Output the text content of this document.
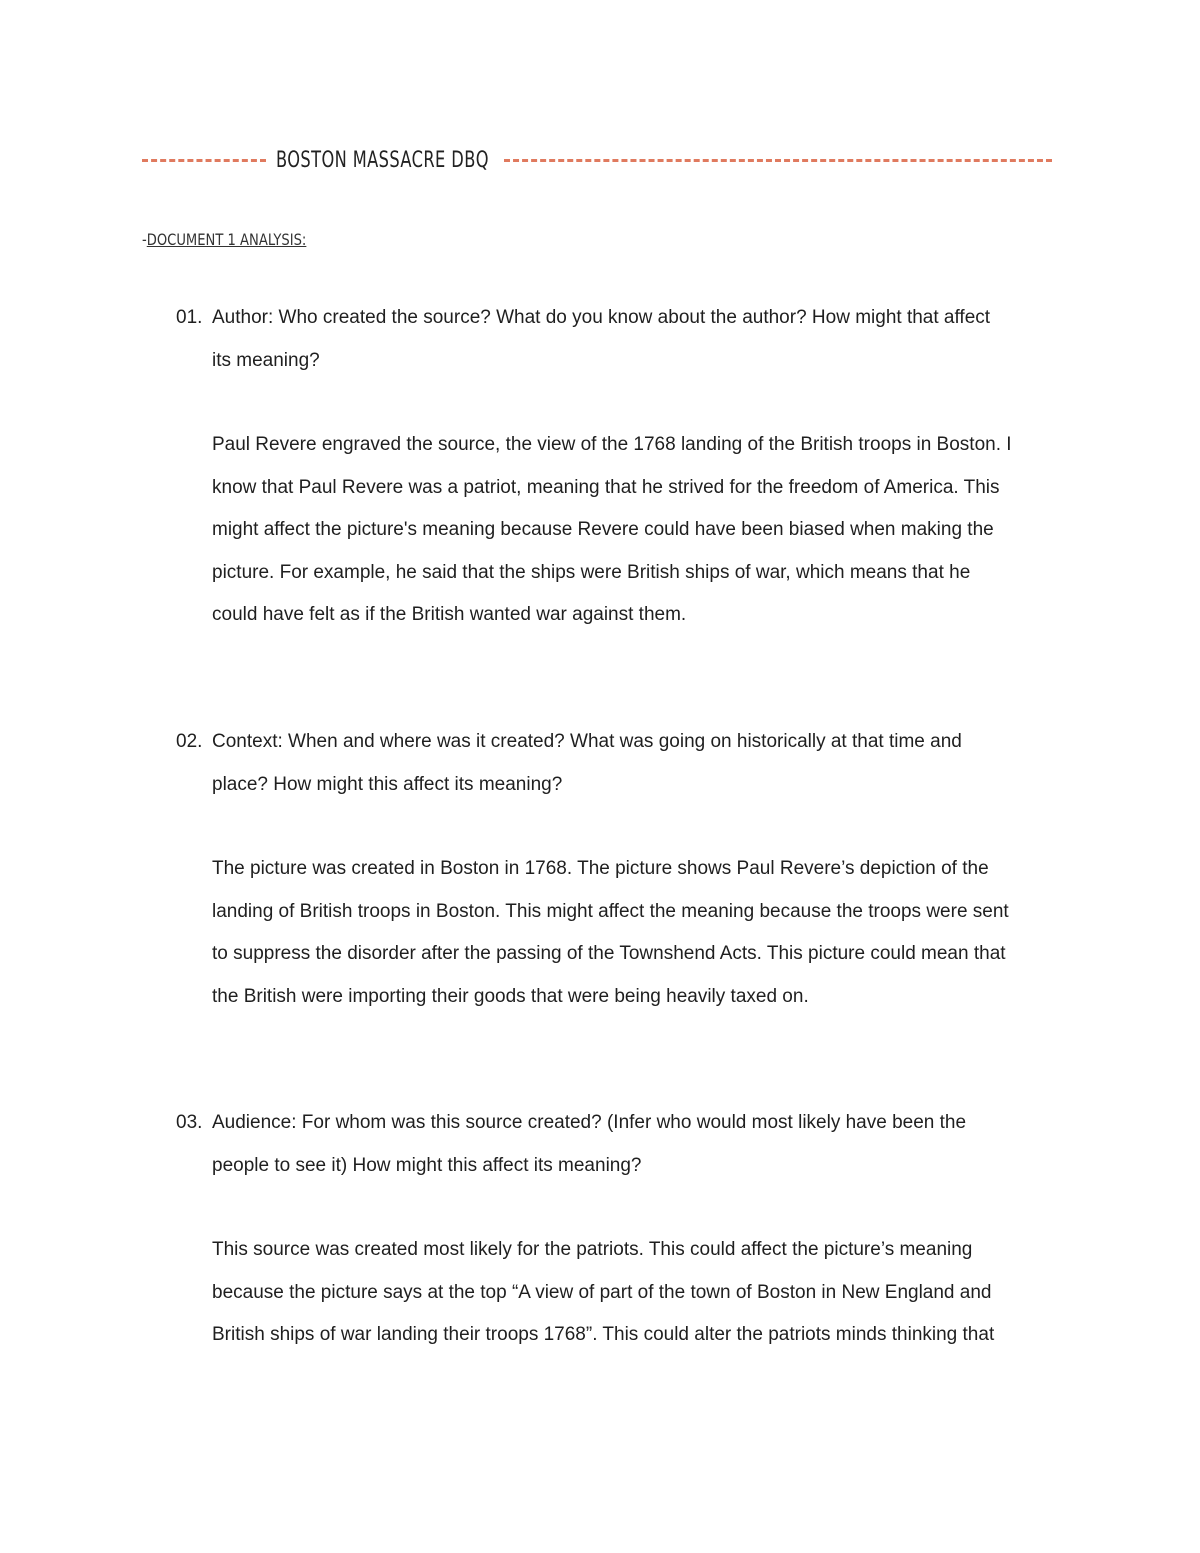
BOSTON MASSACRE DBQ
-DOCUMENT 1 ANALYSIS:
01. Author: Who created the source? What do you know about the author? How might that affect
its meaning?

Paul Revere engraved the source, the view of the 1768 landing of the British troops in Boston. I

know that Paul Revere was a patriot, meaning that he strived for the freedom of America. This

might affect the picture's meaning because Revere could have been biased when making the

picture. For example, he said that the ships were British ships of war, which means that he

could have felt as if the British wanted war against them.

02. Context: When and where was it created? What was going on historically at that time and
place? How might this affect its meaning?

The picture was created in Boston in 1768. The picture shows Paul Revere’s depiction of the

landing of British troops in Boston. This might affect the meaning because the troops were sent

to suppress the disorder after the passing of the Townshend Acts. This picture could mean that

the British were importing their goods that were being heavily taxed on.

03. Audience: For whom was this source created? (Infer who would most likely have been the
people to see it) How might this affect its meaning?

This source was created most likely for the patriots. This could affect the picture’s meaning

because the picture says at the top “A view of part of the town of Boston in New England and

British ships of war landing their troops 1768”. This could alter the patriots minds thinking that
